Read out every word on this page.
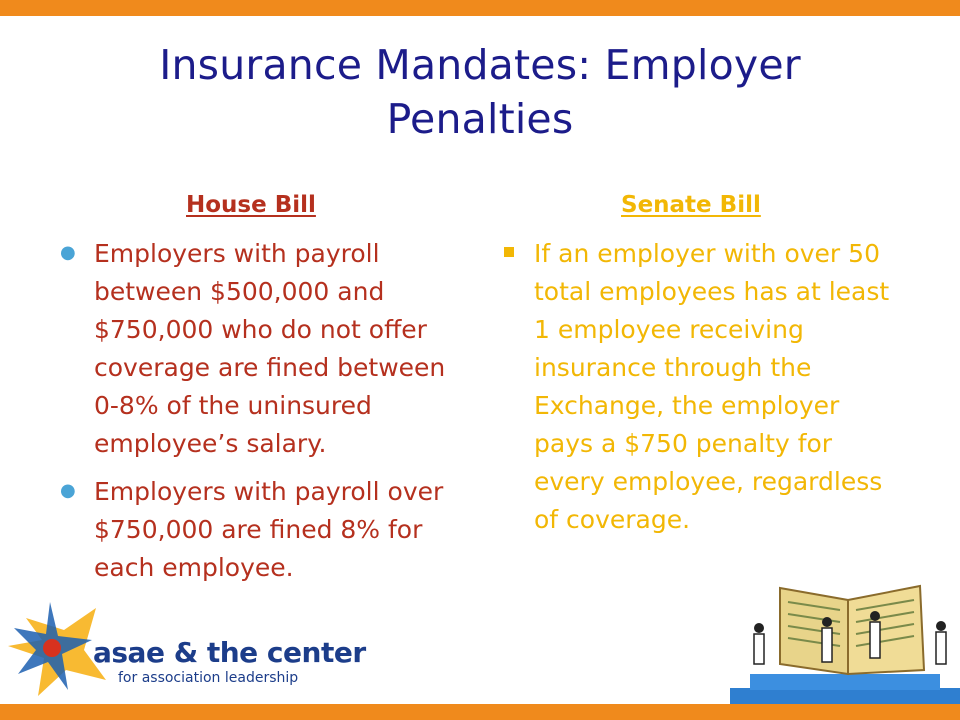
Insurance Mandates: Employer
Penalties
House Bill	Senate Bill
● Employers with payroll between $500,000 and $750,000 who do not offer coverage are fined between 0-8% of the uninsured employee’s salary.
● Employers with payroll over $750,000 are fined 8% for each employee.
If an employer with over 50 total employees has at least 1 employee receiving insurance through the Exchange, the employer pays a $750 penalty for every employee, regardless of coverage.
asae & the center
for association leadership
